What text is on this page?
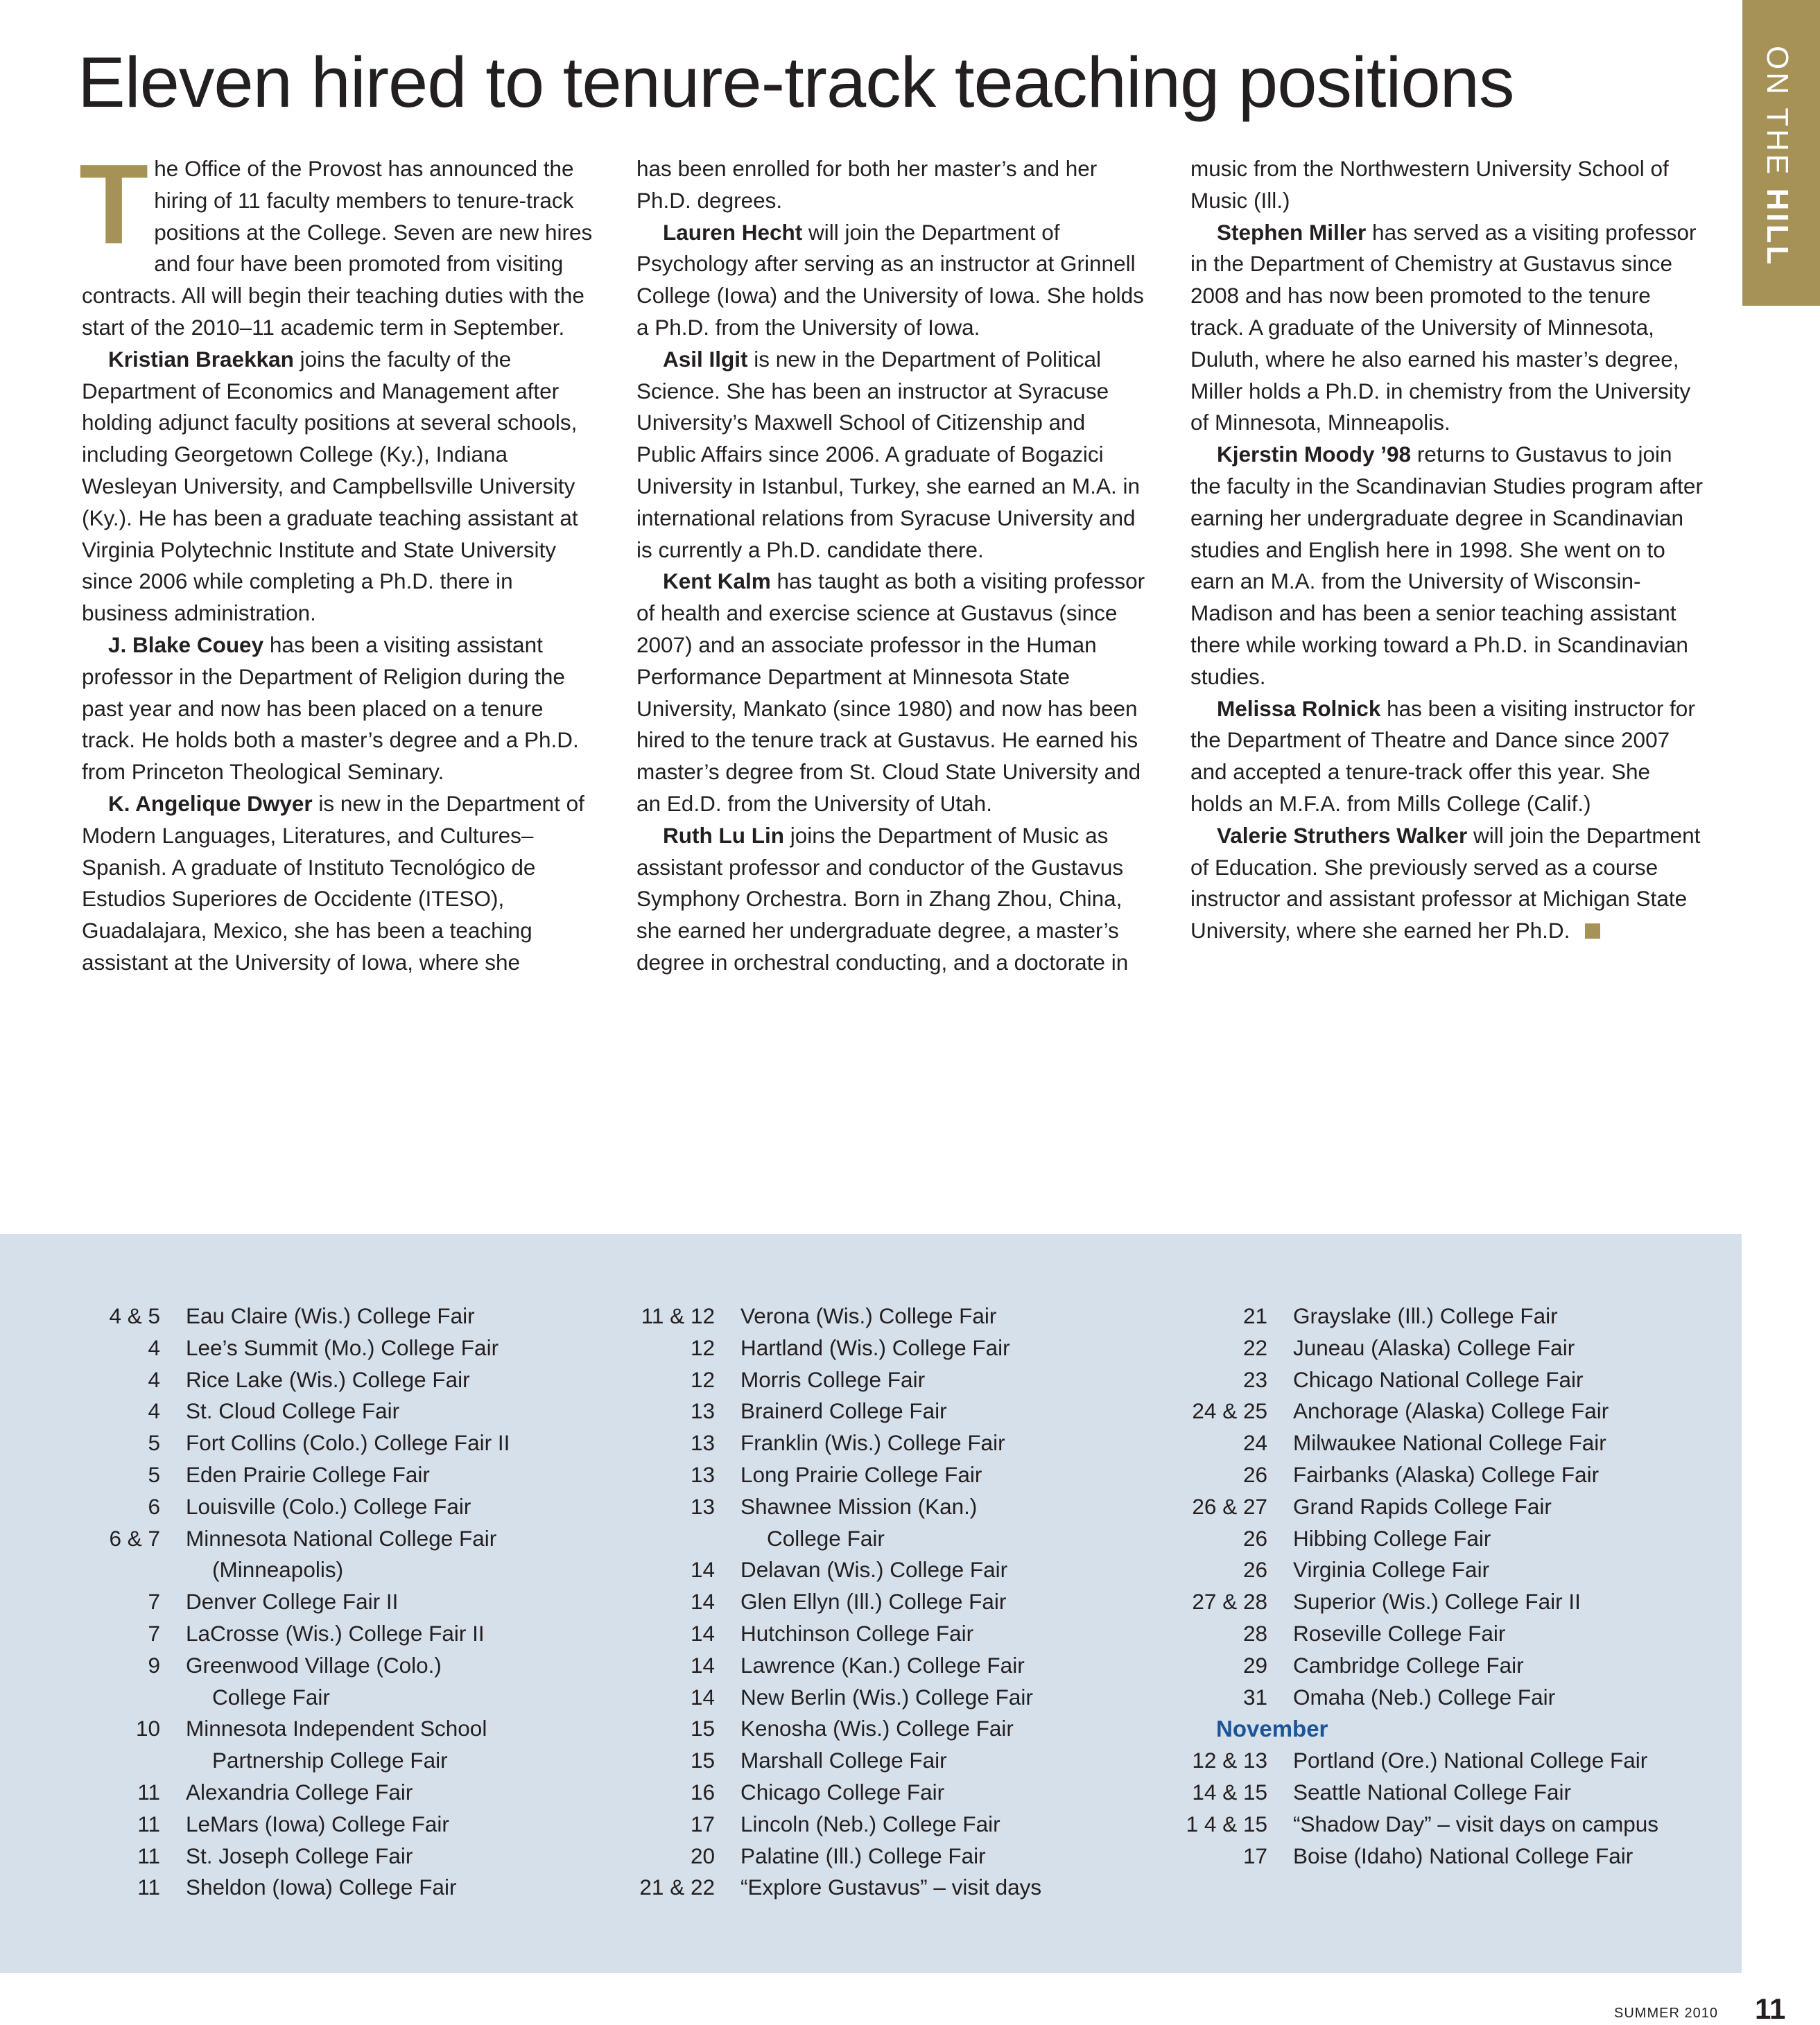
Eleven hired to tenure-track teaching positions	ON THE HILL

The Office of the Provost has announced the hiring of 11 faculty members to tenure-track positions at the College. Seven are new hires and four have been promoted from visiting contracts. All will begin their teaching duties with the start of the 2010–11 academic term in September.

Kristian Braekkan joins the faculty of the Department of Economics and Management after holding adjunct faculty positions at several schools, including Georgetown College (Ky.), Indiana Wesleyan University, and Campbellsville University (Ky.). He has been a graduate teaching assistant at Virginia Polytechnic Institute and State University since 2006 while completing a Ph.D. there in business administration.

J. Blake Couey has been a visiting assistant professor in the Department of Religion during the past year and now has been placed on a tenure track. He holds both a master’s degree and a Ph.D. from Princeton Theological Seminary.

K. Angelique Dwyer is new in the Department of Modern Languages, Literatures, and Cultures–Spanish. A graduate of Instituto Tecnológico de Estudios Superiores de Occidente (ITESO), Guadalajara, Mexico, she has been a teaching assistant at the University of Iowa, where she

has been enrolled for both her master’s and her Ph.D. degrees.

Lauren Hecht will join the Department of Psychology after serving as an instructor at Grinnell College (Iowa) and the University of Iowa. She holds a Ph.D. from the University of Iowa.

Asil Ilgit is new in the Department of Political Science. She has been an instructor at Syracuse University’s Maxwell School of Citizenship and Public Affairs since 2006. A graduate of Bogazici University in Istanbul, Turkey, she earned an M.A. in international relations from Syracuse University and is currently a Ph.D. candidate there.

Kent Kalm has taught as both a visiting professor of health and exercise science at Gustavus (since 2007) and an associate professor in the Human Performance Department at Minnesota State University, Mankato (since 1980) and now has been hired to the tenure track at Gustavus. He earned his master’s degree from St. Cloud State University and an Ed.D. from the University of Utah.

Ruth Lu Lin joins the Department of Music as assistant professor and conductor of the Gustavus Symphony Orchestra. Born in Zhang Zhou, China, she earned her undergraduate degree, a master’s degree in orchestral conducting, and a doctorate in

music from the Northwestern University School of Music (Ill.)

Stephen Miller has served as a visiting professor in the Department of Chemistry at Gustavus since 2008 and has now been promoted to the tenure track. A graduate of the University of Minnesota, Duluth, where he also earned his master’s degree, Miller holds a Ph.D. in chemistry from the University of Minnesota, Minneapolis.

Kjerstin Moody ’98 returns to Gustavus to join the faculty in the Scandinavian Studies program after earning her undergraduate degree in Scandinavian studies and English here in 1998. She went on to earn an M.A. from the University of Wisconsin-Madison and has been a senior teaching assistant there while working toward a Ph.D. in Scandinavian studies.

Melissa Rolnick has been a visiting instructor for the Department of Theatre and Dance since 2007 and accepted a tenure-track offer this year. She holds an M.F.A. from Mills College (Calif.)

Valerie Struthers Walker will join the Department of Education. She previously served as a course instructor and assistant professor at Michigan State University, where she earned her Ph.D.

4 & 5	Eau Claire (Wis.) College Fair
4	Lee’s Summit (Mo.) College Fair
4	Rice Lake (Wis.) College Fair
4	St. Cloud College Fair
5	Fort Collins (Colo.) College Fair II
5	Eden Prairie College Fair
6	Louisville (Colo.) College Fair
6 & 7	Minnesota National College Fair
(Minneapolis)
7	Denver College Fair II
7	LaCrosse (Wis.) College Fair II
9	Greenwood Village (Colo.)
College Fair
10	Minnesota Independent School
Partnership College Fair
11	Alexandria College Fair
11	LeMars (Iowa) College Fair
11	St. Joseph College Fair
11	Sheldon (Iowa) College Fair
11 & 12	Verona (Wis.) College Fair
12	Hartland (Wis.) College Fair
12	Morris College Fair
13	Brainerd College Fair
13	Franklin (Wis.) College Fair
13	Long Prairie College Fair
13	Shawnee Mission (Kan.)
College Fair
14	Delavan (Wis.) College Fair
14	Glen Ellyn (Ill.) College Fair
14	Hutchinson College Fair
14	Lawrence (Kan.) College Fair
14	New Berlin (Wis.) College Fair
15	Kenosha (Wis.) College Fair
15	Marshall College Fair
16	Chicago College Fair
17	Lincoln (Neb.) College Fair
20	Palatine (Ill.) College Fair
21 & 22	“Explore Gustavus” – visit days
21	Grayslake (Ill.) College Fair
22	Juneau (Alaska) College Fair
23	Chicago National College Fair
24 & 25	Anchorage (Alaska) College Fair
24	Milwaukee National College Fair
26	Fairbanks (Alaska) College Fair
26 & 27	Grand Rapids College Fair
26	Hibbing College Fair
26	Virginia College Fair
27 & 28	Superior (Wis.) College Fair II
28	Roseville College Fair
29	Cambridge College Fair
31	Omaha (Neb.) College Fair
November
12 & 13	Portland (Ore.) National College Fair
14 & 15	Seattle National College Fair
1 4 & 15	“Shadow Day” – visit days on campus
17	Boise (Idaho) National College Fair
SUMMER 2010 11
